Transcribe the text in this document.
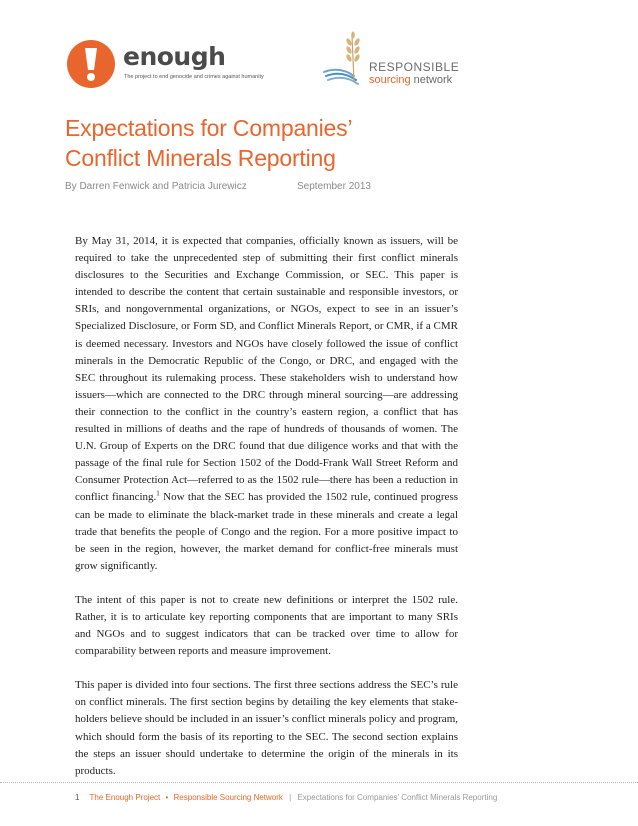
enough
The project to end genocide and crimes against humanity
RESPONSIBLE
sourcing network
Expectations for Companies’
Conflict Minerals Reporting
By Darren Fenwick and Patricia Jurewicz	September 2013

By May 31, 2014, it is expected that companies, officially known as issuers, will be required to take the unprecedented step of submitting their first conflict minerals disclosures to the Securities and Exchange Commission, or SEC. This paper is intended to describe the content that certain sustainable and responsible investors, or SRIs, and nongovernmental organizations, or NGOs, expect to see in an issuer’s Specialized Disclosure, or Form SD, and Conflict Minerals Report, or CMR, if a CMR is deemed necessary. Investors and NGOs have closely followed the issue of conflict minerals in the Democratic Republic of the Congo, or DRC, and engaged with the SEC throughout its rulemaking process. These stakeholders wish to understand how issuers—which are connected to the DRC through mineral sourcing—are addressing their connection to the conflict in the country’s eastern region, a conflict that has resulted in millions of deaths and the rape of hundreds of thousands of women. The U.N. Group of Experts on the DRC found that due diligence works and that with the passage of the final rule for Section 1502 of the Dodd-Frank Wall Street Reform and Consumer Protection Act—referred to as the 1502 rule—there has been a reduction in conflict financing.$^1$ Now that the SEC has provided the 1502 rule, continued progress can be made to eliminate the black-market trade in these minerals and create a legal trade that benefits the people of Congo and the region. For a more positive impact to be seen in the region, however, the market demand for conflict-free minerals must grow significantly.

The intent of this paper is not to create new definitions or interpret the 1502 rule. Rather, it is to articulate key reporting components that are important to many SRIs and NGOs and to suggest indicators that can be tracked over time to allow for comparability between reports and measure improvement.

This paper is divided into four sections. The first three sections address the SEC’s rule on conflict minerals. The first section begins by detailing the key elements that stake-holders believe should be included in an issuer’s conflict minerals policy and program, which should form the basis of its reporting to the SEC. The second section explains the steps an issuer should undertake to determine the origin of the minerals in its products.

1 The Enough Project • Responsible Sourcing Network | Expectations for Companies’ Conflict Minerals Reporting
